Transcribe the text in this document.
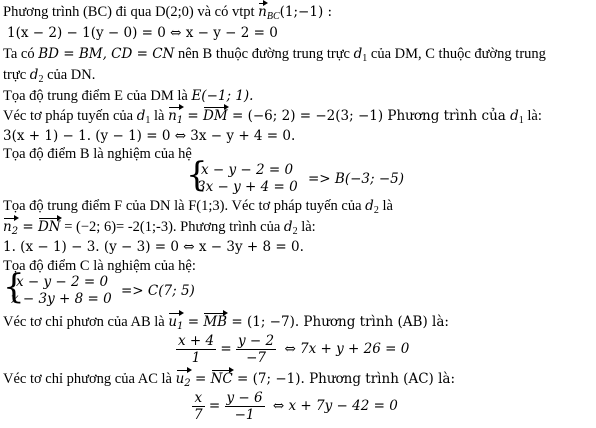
Phương trình (BC) đi qua D(2;0) và có vtpt $n_{BC}(1;-1)$ :
1(x − 2) − 1(y − 0) = 0 ⇔ x − y − 2 = 0
Ta có BD = BM, CD = CN nên B thuộc đường trung trực $d_1$ của DM, C thuộc đường trung
trực $d_2$ của DN.
Tọa độ trung điểm E của DM là E(−1; 1).
Véc tơ pháp tuyến của $d_1$ là $n_1$ = DM = (−6; 2) = −2(3; −1) Phương trình của $d_1$ là:
3(x + 1) − 1. (y − 1) = 0 ⇔ 3x − y + 4 = 0.
Tọa độ điểm B là nghiệm của hệ
{
x − y − 2 = 0
3x − y + 4 = 0 => B(−3; −5)
Tọa độ trung điểm F của DN là F(1;3). Véc tơ pháp tuyến của $d_2$ là
$n_2$ = DN = (−2; 6)= -2(1;-3). Phương trình của $d_2$ là:
1. (x − 1) − 3. (y − 3) = 0 ⇔ x − 3y + 8 = 0.
Tọa độ điểm C là nghiệm của hệ:
{
x − y − 2 = 0
x − 3y + 8 = 0 => C(7; 5)
Véc tơ chỉ phươn của AB là $u_1$ = MB = (1; −7). Phương trình (AB) là:
$\frac{x + 4}{1} = \frac{y - 2}{-7}$ ⇔ 7x + y + 26 = 0
Véc tơ chỉ phương của AC là $u_2$ = NC = (7; −1). Phương trình (AC) là:
$\frac{x}{7} = \frac{y - 6}{-1}$ ⇔ x + 7y − 42 = 0
